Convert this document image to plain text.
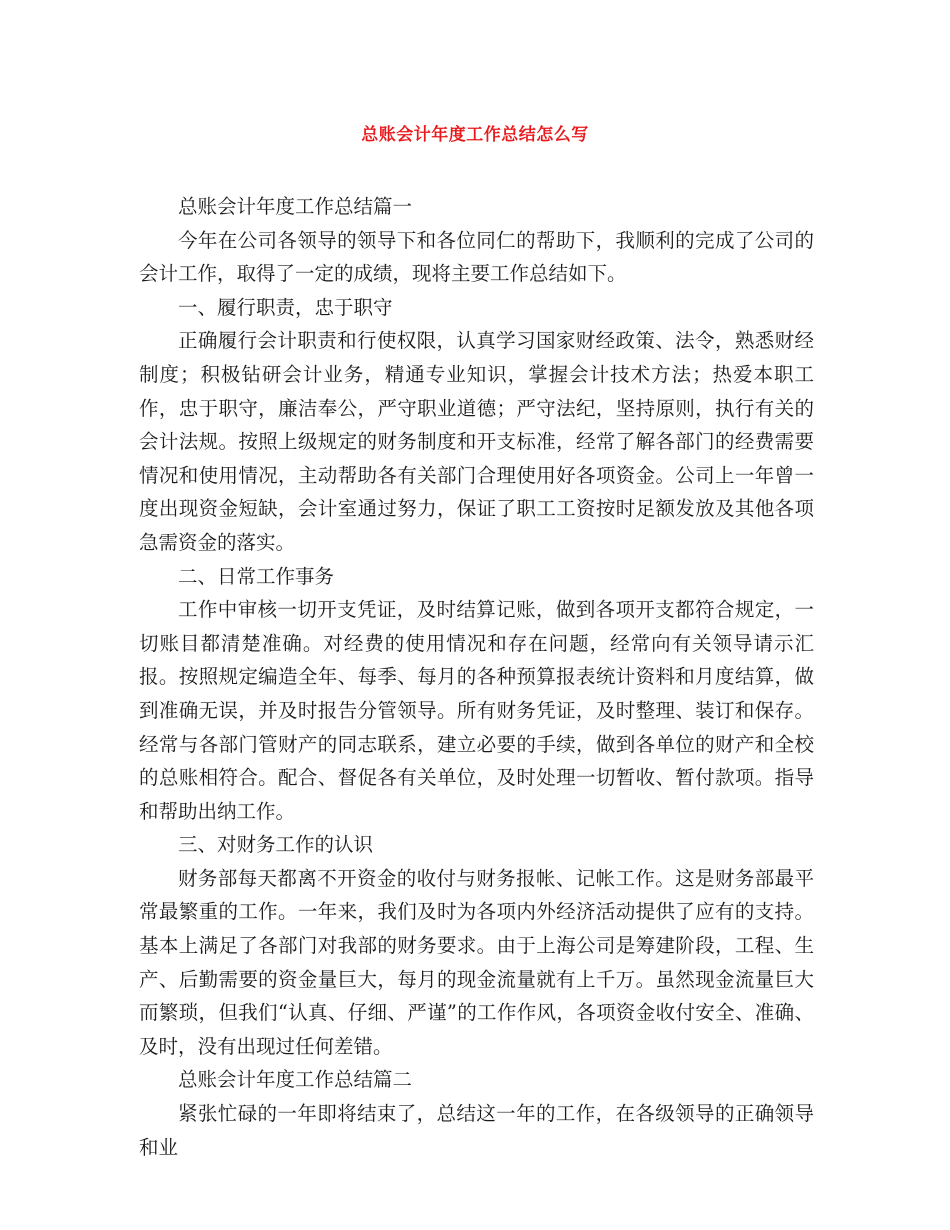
总账会计年度工作总结怎么写

总账会计年度工作总结篇一

今年在公司各领导的领导下和各位同仁的帮助下，我顺利的完成了公司的会计工作，取得了一定的成绩，现将主要工作总结如下。

一、履行职责，忠于职守

正确履行会计职责和行使权限，认真学习国家财经政策、法令，熟悉财经制度；积极钻研会计业务，精通专业知识，掌握会计技术方法；热爱本职工作，忠于职守，廉洁奉公，严守职业道德；严守法纪，坚持原则，执行有关的会计法规。按照上级规定的财务制度和开支标准，经常了解各部门的经费需要情况和使用情况，主动帮助各有关部门合理使用好各项资金。公司上一年曾一度出现资金短缺，会计室通过努力，保证了职工工资按时足额发放及其他各项急需资金的落实。

二、日常工作事务

工作中审核一切开支凭证，及时结算记账，做到各项开支都符合规定，一切账目都清楚准确。对经费的使用情况和存在问题，经常向有关领导请示汇报。按照规定编造全年、每季、每月的各种预算报表统计资料和月度结算，做到准确无误，并及时报告分管领导。所有财务凭证，及时整理、装订和保存。经常与各部门管财产的同志联系，建立必要的手续，做到各单位的财产和全校的总账相符合。配合、督促各有关单位，及时处理一切暂收、暂付款项。指导和帮助出纳工作。

三、对财务工作的认识

财务部每天都离不开资金的收付与财务报帐、记帐工作。这是财务部最平常最繁重的工作。一年来，我们及时为各项内外经济活动提供了应有的支持。基本上满足了各部门对我部的财务要求。由于上海公司是筹建阶段，工程、生产、后勤需要的资金量巨大，每月的现金流量就有上千万。虽然现金流量巨大而繁琐，但我们“认真、仔细、严谨”的工作作风，各项资金收付安全、准确、及时，没有出现过任何差错。

总账会计年度工作总结篇二

紧张忙碌的一年即将结束了，总结这一年的工作，在各级领导的正确领导和业
